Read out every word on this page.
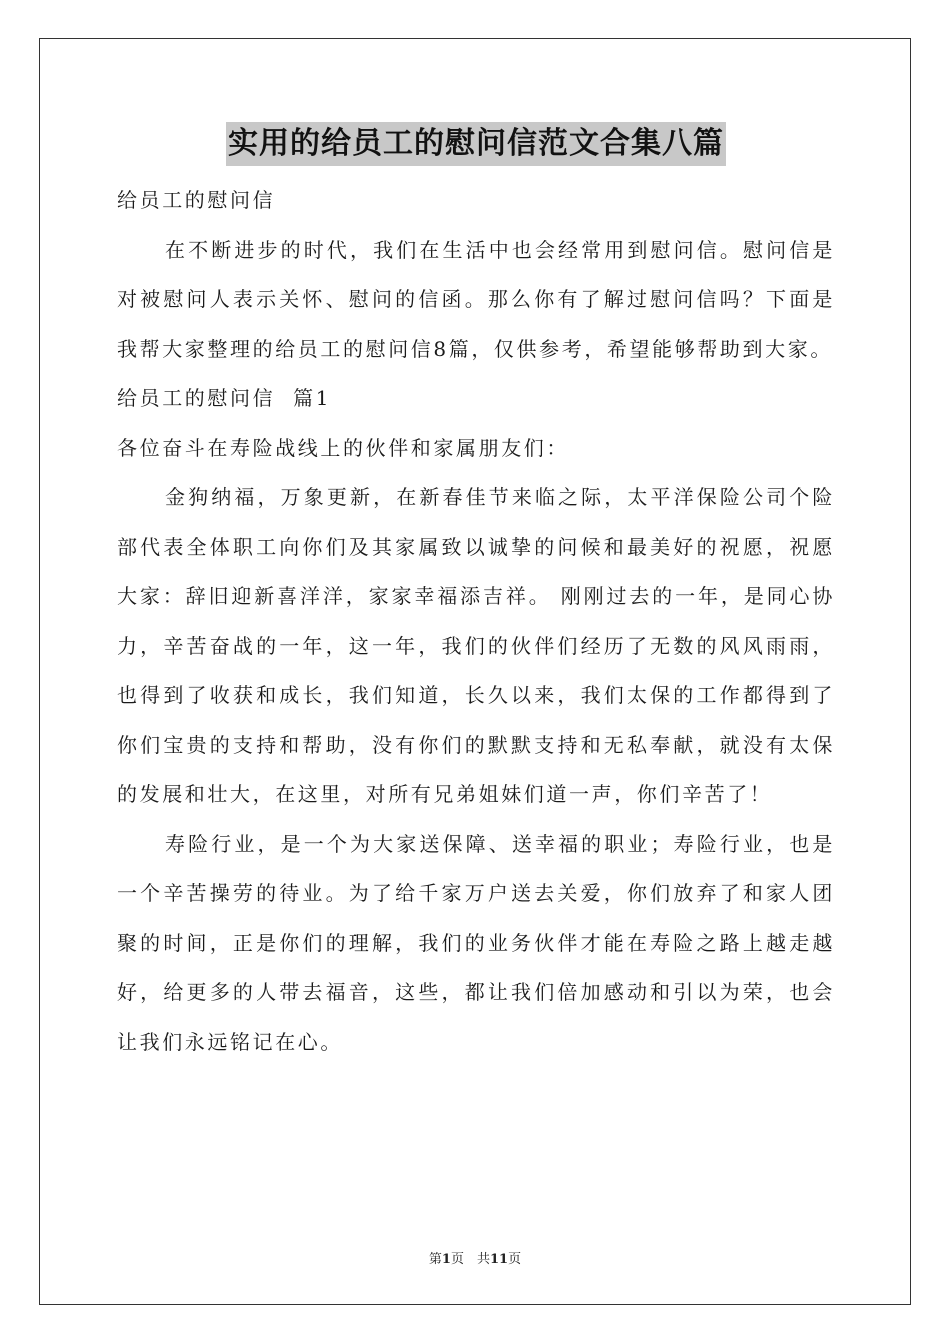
实用的给员工的慰问信范文合集八篇

给员工的慰问信

在不断进步的时代，我们在生活中也会经常用到慰问信。慰问信是对被慰问人表示关怀、慰问的信函。那么你有了解过慰问信吗？下面是我帮大家整理的给员工的慰问信8篇，仅供参考，希望能够帮助到大家。

给员工的慰问信  篇1

各位奋斗在寿险战线上的伙伴和家属朋友们：

金狗纳福，万象更新，在新春佳节来临之际，太平洋保险公司个险部代表全体职工向你们及其家属致以诚挚的问候和最美好的祝愿，祝愿大家：辞旧迎新喜洋洋，家家幸福添吉祥。 刚刚过去的一年，是同心协力，辛苦奋战的一年，这一年，我们的伙伴们经历了无数的风风雨雨，也得到了收获和成长，我们知道，长久以来，我们太保的工作都得到了你们宝贵的支持和帮助，没有你们的默默支持和无私奉献，就没有太保的发展和壮大，在这里，对所有兄弟姐妹们道一声，你们辛苦了！

寿险行业，是一个为大家送保障、送幸福的职业；寿险行业，也是一个辛苦操劳的待业。为了给千家万户送去关爱，你们放弃了和家人团聚的时间，正是你们的理解，我们的业务伙伴才能在寿险之路上越走越好，给更多的人带去福音，这些，都让我们倍加感动和引以为荣，也会让我们永远铭记在心。

第1页　共11页
